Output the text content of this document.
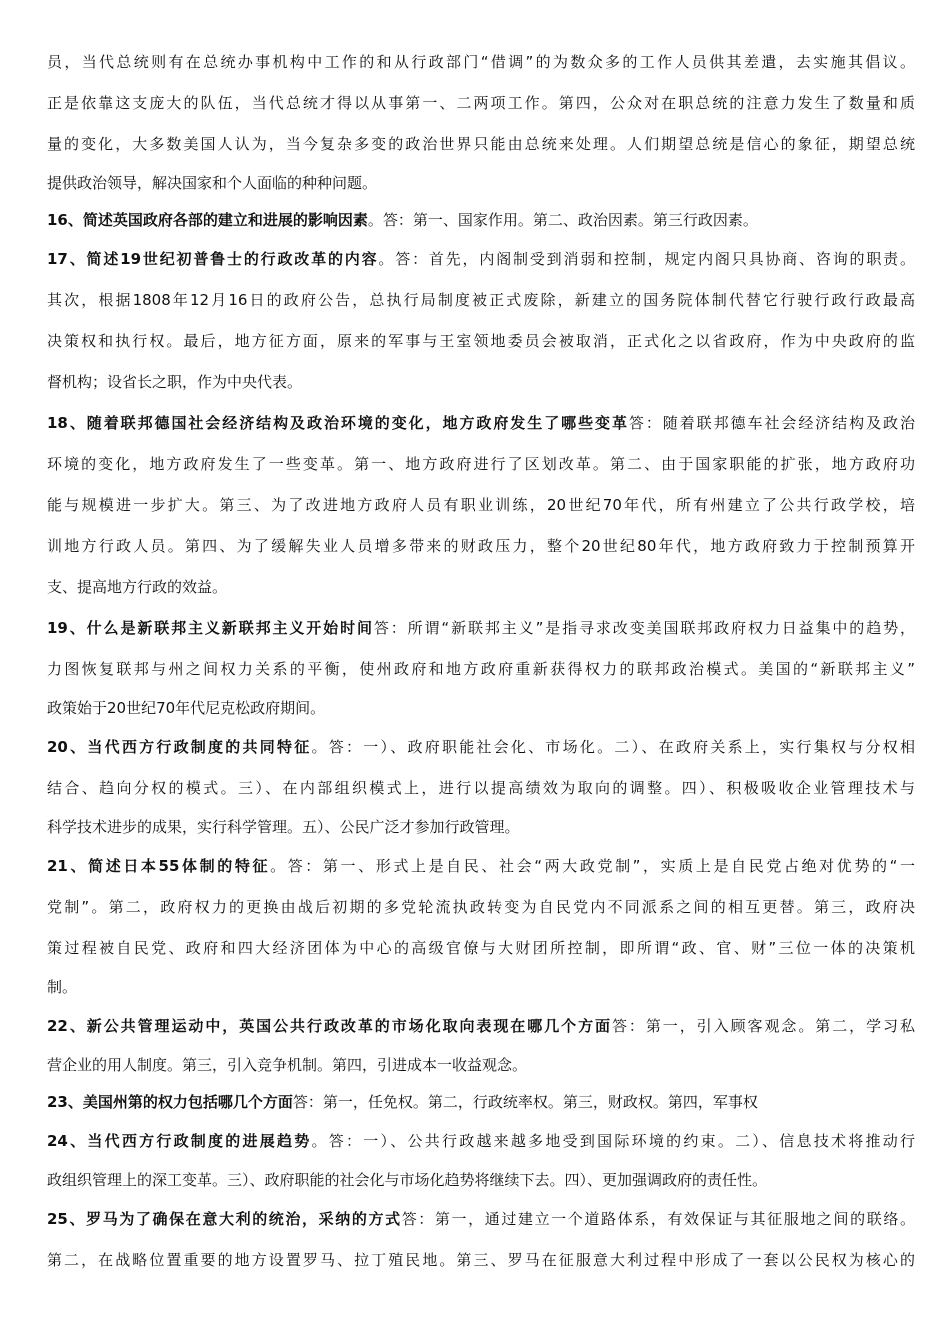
员，当代总统则有在总统办事机构中工作的和从行政部门“借调”的为数众多的工作人员供其差遣，去实施其倡议。
正是依靠这支庞大的队伍，当代总统才得以从事第一、二两项工作。第四，公众对在职总统的注意力发生了数量和质
量的变化，大多数美国人认为，当今复杂多变的政治世界只能由总统来处理。人们期望总统是信心的象征，期望总统
提供政治领导，解决国家和个人面临的种种问题。
16、简述英国政府各部的建立和进展的影响因素。答：第一、国家作用。第二、政治因素。第三行政因素。
17、简述19世纪初普鲁士的行政改革的内容。答：首先，内阁制受到消弱和控制，规定内阁只具协商、咨询的职责。
其次，根据1808年12月16日的政府公告，总执行局制度被正式废除，新建立的国务院体制代替它行驶行政行政最高
决策权和执行权。最后，地方征方面，原来的军事与王室领地委员会被取消，正式化之以省政府，作为中央政府的监
督机构；设省长之职，作为中央代表。
18、随着联邦德国社会经济结构及政治环境的变化，地方政府发生了哪些变革答：随着联邦德车社会经济结构及政治
环境的变化，地方政府发生了一些变革。第一、地方政府进行了区划改革。第二、由于国家职能的扩张，地方政府功
能与规模进一步扩大。第三、为了改进地方政府人员有职业训练，20世纪70年代，所有州建立了公共行政学校，培
训地方行政人员。第四、为了缓解失业人员增多带来的财政压力，整个20世纪80年代，地方政府致力于控制预算开
支、提高地方行政的效益。
19、什么是新联邦主义新联邦主义开始时间答：所谓“新联邦主义”是指寻求改变美国联邦政府权力日益集中的趋势，
力图恢复联邦与州之间权力关系的平衡，使州政府和地方政府重新获得权力的联邦政治模式。美国的“新联邦主义”
政策始于20世纪70年代尼克松政府期间。
20、当代西方行政制度的共同特征。答：一）、政府职能社会化、市场化。二）、在政府关系上，实行集权与分权相
结合、趋向分权的模式。三）、在内部组织模式上，进行以提高绩效为取向的调整。四）、积极吸收企业管理技术与
科学技术进步的成果，实行科学管理。五）、公民广泛才参加行政管理。
21、简述日本55体制的特征。答：第一、形式上是自民、社会“两大政党制”，实质上是自民党占绝对优势的“一
党制”。第二，政府权力的更换由战后初期的多党轮流执政转变为自民党内不同派系之间的相互更替。第三，政府决
策过程被自民党、政府和四大经济团体为中心的高级官僚与大财团所控制，即所谓“政、官、财”三位一体的决策机
制。
22、新公共管理运动中，英国公共行政改革的市场化取向表现在哪几个方面答：第一，引入顾客观念。第二，学习私
营企业的用人制度。第三，引入竞争机制。第四，引进成本一收益观念。
23、美国州第的权力包括哪几个方面答：第一，任免权。第二，行政统率权。第三，财政权。第四，军事权
24、当代西方行政制度的进展趋势。答：一）、公共行政越来越多地受到国际环境的约束。二）、信息技术将推动行
政组织管理上的深工变革。三）、政府职能的社会化与市场化趋势将继续下去。四）、更加强调政府的责任性。
25、罗马为了确保在意大利的统治，采纳的方式答：第一，通过建立一个道路体系，有效保证与其征服地之间的联络。
第二，在战略位置重要的地方设置罗马、拉丁殖民地。第三、罗马在征服意大利过程中形成了一套以公民权为核心的
